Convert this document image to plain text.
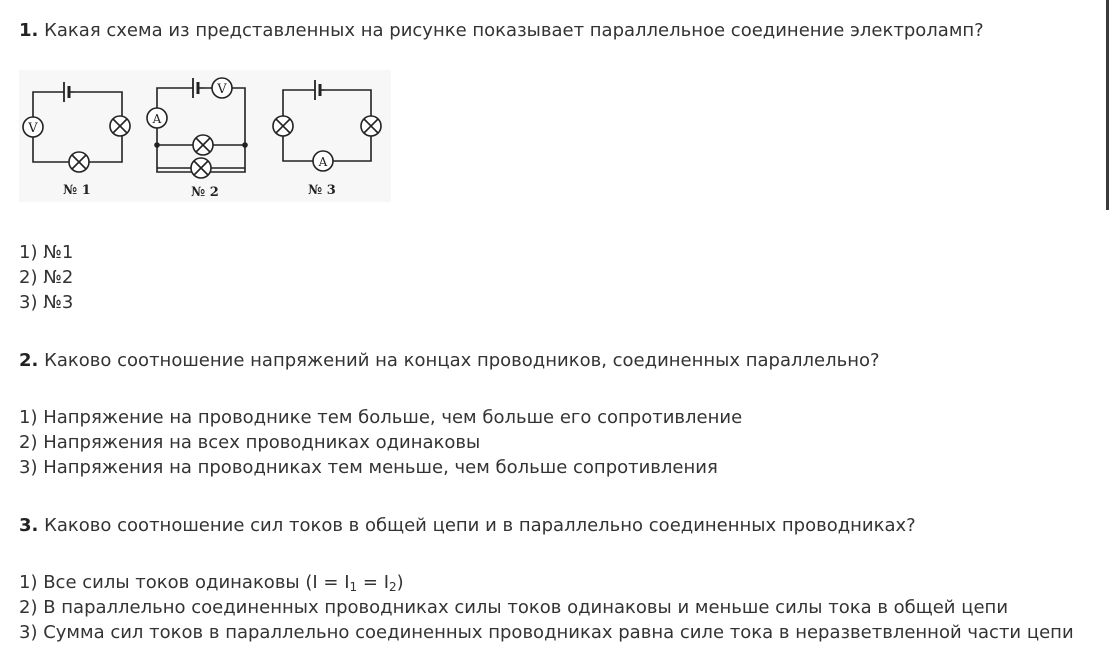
1. Какая схема из представленных на рисунке показывает параллельное соединение электроламп?
V
№ 1
V
A
№ 2
A
№ 3
1) №1
2) №2
3) №3
2. Каково соотношение напряжений на концах проводников, соединенных параллельно?
1) Напряжение на проводнике тем больше, чем больше его сопротивление
2) Напряжения на всех проводниках одинаковы
3) Напряжения на проводниках тем меньше, чем больше сопротивления
3. Каково соотношение сил токов в общей цепи и в параллельно соединенных проводниках?
1) Все силы токов одинаковы $(I = I_1 = I_2)$
2) В параллельно соединенных проводниках силы токов одинаковы и меньше силы тока в общей цепи
3) Сумма сил токов в параллельно соединенных проводниках равна силе тока в неразветвленной части цепи
